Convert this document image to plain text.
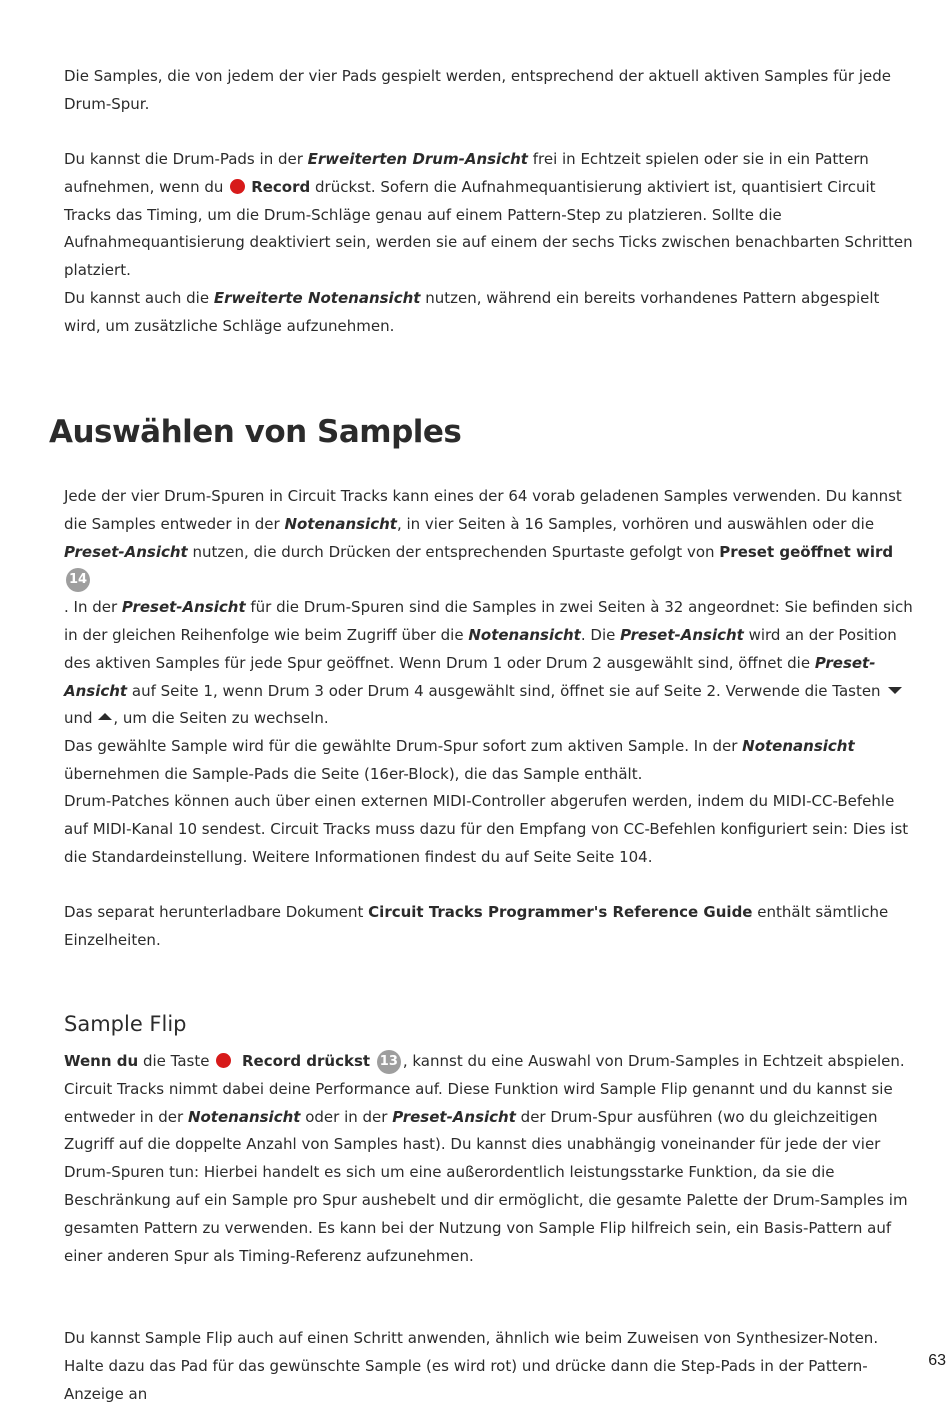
Die Samples, die von jedem der vier Pads gespielt werden, entsprechend der aktuell aktiven Samples für jede Drum-Spur.

Du kannst die Drum-Pads in der Erweiterten Drum-Ansicht frei in Echtzeit spielen oder sie in ein Pattern aufnehmen, wenn du Record drückst. Sofern die Aufnahmequantisierung aktiviert ist, quantisiert Circuit Tracks das Timing, um die Drum-Schläge genau auf einem Pattern-Step zu platzieren. Sollte die Aufnahmequantisierung deaktiviert sein, werden sie auf einem der sechs Ticks zwischen benachbarten Schritten platziert.

Du kannst auch die Erweiterte Notenansicht nutzen, während ein bereits vorhandenes Pattern abgespielt wird, um zusätzliche Schläge aufzunehmen.

Auswählen von Samples

Jede der vier Drum-Spuren in Circuit Tracks kann eines der 64 vorab geladenen Samples verwenden. Du kannst die Samples entweder in der Notenansicht, in vier Seiten à 16 Samples, vorhören und auswählen oder die Preset-Ansicht nutzen, die durch Drücken der entsprechenden Spurtaste gefolgt von Preset geöffnet wird 14
. In der Preset-Ansicht für die Drum-Spuren sind die Samples in zwei Seiten à 32 angeordnet: Sie befinden sich in der gleichen Reihenfolge wie beim Zugriff über die Notenansicht. Die Preset-Ansicht wird an der Position des aktiven Samples für jede Spur geöffnet. Wenn Drum 1 oder Drum 2 ausgewählt sind, öffnet die Preset-Ansicht auf Seite 1, wenn Drum 3 oder Drum 4 ausgewählt sind, öffnet sie auf Seite 2. Verwende die Tasten  und , um die Seiten zu wechseln.
Das gewählte Sample wird für die gewählte Drum-Spur sofort zum aktiven Sample. In der Notenansicht übernehmen die Sample-Pads die Seite (16er-Block), die das Sample enthält.

Drum-Patches können auch über einen externen MIDI-Controller abgerufen werden, indem du MIDI-CC-Befehle auf MIDI-Kanal 10 sendest. Circuit Tracks muss dazu für den Empfang von CC-Befehlen konfiguriert sein: Dies ist die Standardeinstellung. Weitere Informationen findest du auf Seite Seite 104.

Das separat herunterladbare Dokument Circuit Tracks Programmer's Reference Guide enthält sämtliche Einzelheiten.

Sample Flip

Wenn du die Taste  Record drückst 13 , kannst du eine Auswahl von Drum-Samples in Echtzeit abspielen. Circuit Tracks nimmt dabei deine Performance auf. Diese Funktion wird Sample Flip genannt und du kannst sie entweder in der Notenansicht oder in der Preset-Ansicht der Drum-Spur ausführen (wo du gleichzeitigen Zugriff auf die doppelte Anzahl von Samples hast). Du kannst dies unabhängig voneinander für jede der vier Drum-Spuren tun: Hierbei handelt es sich um eine außerordentlich leistungsstarke Funktion, da sie die Beschränkung auf ein Sample pro Spur aushebelt und dir ermöglicht, die gesamte Palette der Drum-Samples im gesamten Pattern zu verwenden. Es kann bei der Nutzung von Sample Flip hilfreich sein, ein Basis-Pattern auf einer anderen Spur als Timing-Referenz aufzunehmen.

Du kannst Sample Flip auch auf einen Schritt anwenden, ähnlich wie beim Zuweisen von Synthesizer-Noten. Halte dazu das Pad für das gewünschte Sample (es wird rot) und drücke dann die Step-Pads in der Pattern-Anzeige an

63
